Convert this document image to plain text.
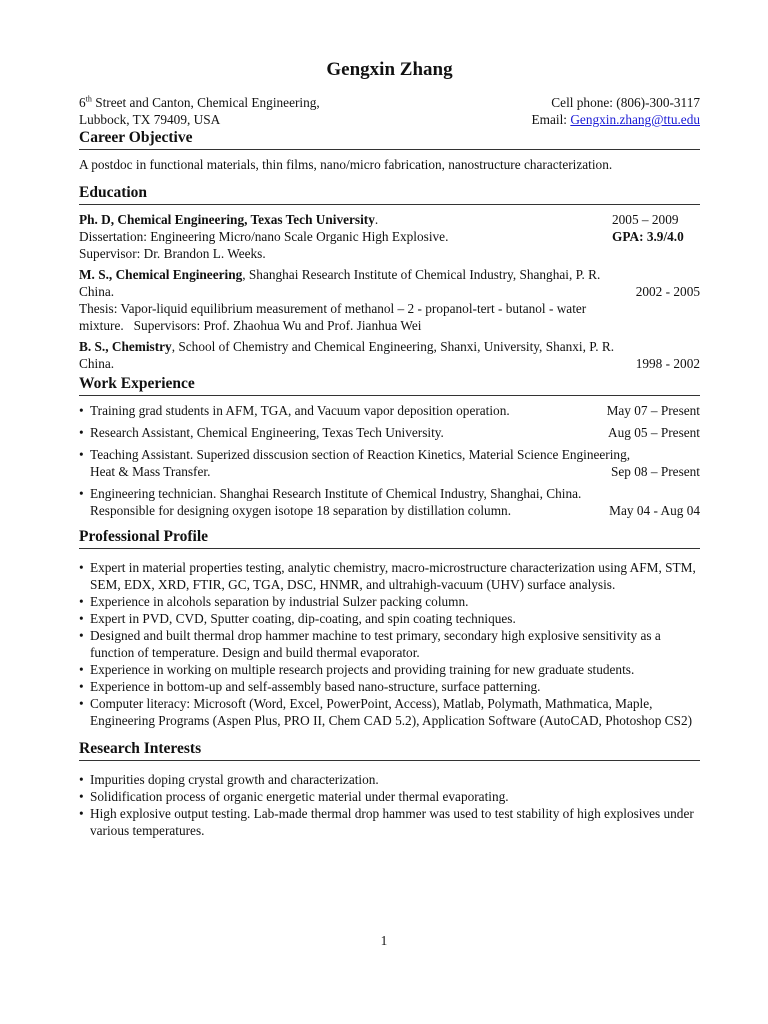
Gengxin Zhang
6th Street and Canton, Chemical Engineering,
Lubbock, TX 79409, USA
Cell phone: (806)-300-3117
Email: Gengxin.zhang@ttu.edu
Career Objective
A postdoc in functional materials, thin films, nano/micro fabrication, nanostructure characterization.
Education
Ph. D, Chemical Engineering, Texas Tech University.	2005 – 2009
Dissertation: Engineering Micro/nano Scale Organic High Explosive.	GPA: 3.9/4.0
Supervisor: Dr. Brandon L. Weeks.
M. S., Chemical Engineering, Shanghai Research Institute of Chemical Industry, Shanghai, P. R.
China.	2002 - 2005
Thesis: Vapor-liquid equilibrium measurement of methanol – 2 - propanol-tert - butanol - water
mixture.   Supervisors: Prof. Zhaohua Wu and Prof. Jianhua Wei
B. S., Chemistry, School of Chemistry and Chemical Engineering, Shanxi, University, Shanxi, P. R.
China.	1998 - 2002
Work Experience
• Training grad students in AFM, TGA, and Vacuum vapor deposition operation.	May 07 – Present
• Research Assistant, Chemical Engineering, Texas Tech University.	Aug 05 – Present
• Teaching Assistant. Superized disscusion section of Reaction Kinetics, Material Science Engineering,
Heat & Mass Transfer.	Sep 08 – Present
• Engineering technician. Shanghai Research Institute of Chemical Industry, Shanghai, China.
Responsible for designing oxygen isotope 18 separation by distillation column.	May 04 - Aug 04
Professional Profile
• Expert in material properties testing, analytic chemistry, macro-microstructure characterization using AFM, STM, SEM, EDX, XRD, FTIR, GC, TGA, DSC, HNMR, and ultrahigh-vacuum (UHV) surface analysis.
• Experience in alcohols separation by industrial Sulzer packing column.
• Expert in PVD, CVD, Sputter coating, dip-coating, and spin coating techniques.
• Designed and built thermal drop hammer machine to test primary, secondary high explosive sensitivity as a function of temperature. Design and build thermal evaporator.
• Experience in working on multiple research projects and providing training for new graduate students.
• Experience in bottom-up and self-assembly based nano-structure, surface patterning.
• Computer literacy: Microsoft (Word, Excel, PowerPoint, Access), Matlab, Polymath, Mathmatica, Maple, Engineering Programs (Aspen Plus, PRO II, Chem CAD 5.2), Application Software (AutoCAD, Photoshop CS2)
Research Interests
• Impurities doping crystal growth and characterization.
• Solidification process of organic energetic material under thermal evaporating.
• High explosive output testing. Lab-made thermal drop hammer was used to test stability of high explosives under various temperatures.
1
